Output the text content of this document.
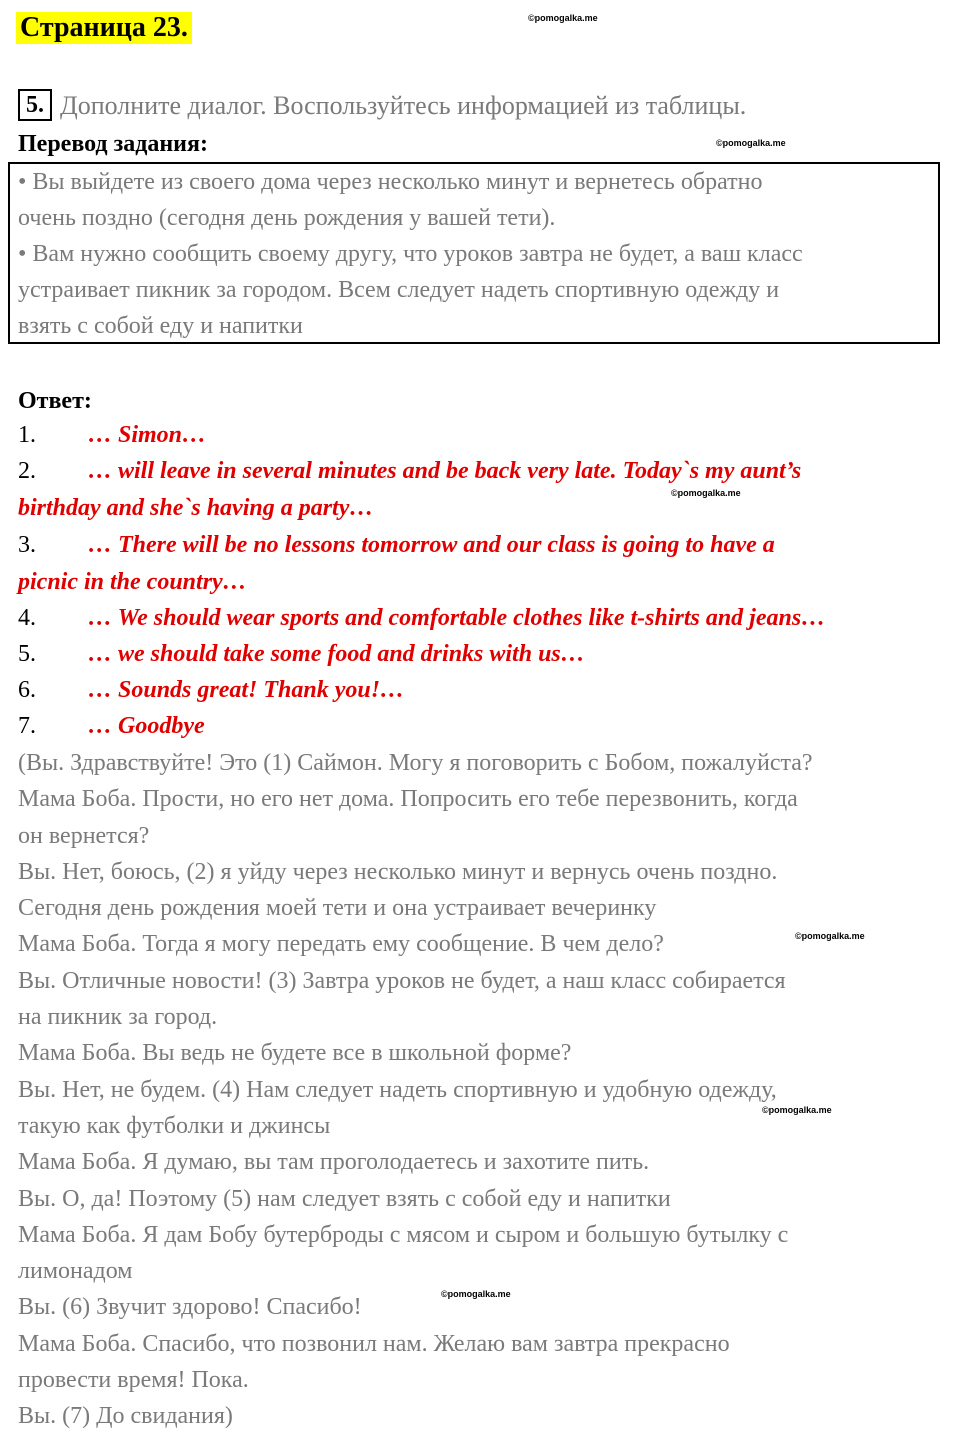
Страница 23.	©pomogalka.me
©pomogalka.me
©pomogalka.me
©pomogalka.me
©pomogalka.me
©pomogalka.me
5. Дополните диалог. Воспользуйтесь информацией из таблицы.
Перевод задания:
• Вы выйдете из своего дома через несколько минут и вернетесь обратно
очень поздно (сегодня день рождения у вашей тети).
• Вам нужно сообщить своему другу, что уроков завтра не будет, а ваш класс
устраивает пикник за городом. Всем следует надеть спортивную одежду и
взять с собой еду и напитки
Ответ:
1. … Simon…
2. … will leave in several minutes and be back very late. Today`s my aunt’s
birthday and she`s having a party…
3. … There will be no lessons tomorrow and our class is going to have a
picnic in the country…
4. … We should wear sports and comfortable clothes like t-shirts and jeans…
5. … we should take some food and drinks with us…
6. … Sounds great! Thank you!…
7. … Goodbye
(Вы. Здравствуйте! Это (1) Саймон. Могу я поговорить с Бобом, пожалуйста?
Мама Боба. Прости, но его нет дома. Попросить его тебе перезвонить, когда
он вернется?
Вы. Нет, боюсь, (2) я уйду через несколько минут и вернусь очень поздно.
Сегодня день рождения моей тети и она устраивает вечеринку
Мама Боба. Тогда я могу передать ему сообщение. В чем дело?
Вы. Отличные новости! (3) Завтра уроков не будет, а наш класс собирается
на пикник за город.
Мама Боба. Вы ведь не будете все в школьной форме?
Вы. Нет, не будем. (4) Нам следует надеть спортивную и удобную одежду,
такую как футболки и джинсы
Мама Боба. Я думаю, вы там проголодаетесь и захотите пить.
Вы. О, да! Поэтому (5) нам следует взять с собой еду и напитки
Мама Боба. Я дам Бобу бутерброды с мясом и сыром и большую бутылку с
лимонадом
Вы. (6) Звучит здорово! Спасибо!
Мама Боба. Спасибо, что позвонил нам. Желаю вам завтра прекрасно
провести время! Пока.
Вы. (7) До свидания)
